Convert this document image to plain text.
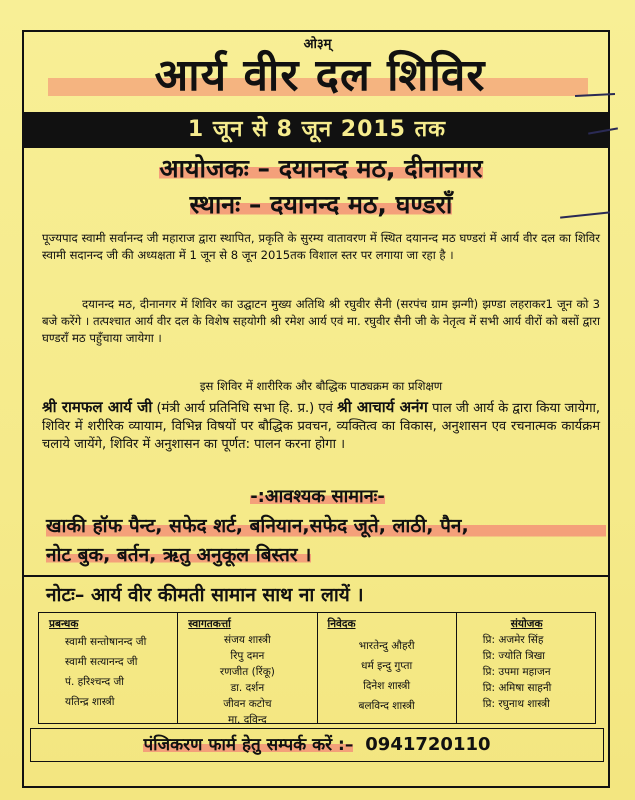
ओ३म्
आर्य वीर दल शिविर
1 जून से 8 जून 2015 तक
आयोजकः – दयानन्द मठ, दीनानगर
स्थानः – दयानन्द मठ, घण्डराँ
पूज्यपाद स्वामी सर्वानन्द जी महाराज द्वारा स्थापित, प्रकृति के सुरम्य वातावरण में स्थित दयानन्द मठ घण्डरां में आर्य वीर दल का शिविर स्वामी सदानन्द जी की अध्यक्षता में 1 जून से 8 जून 2015तक विशाल स्तर पर लगाया जा रहा है ।
दयानन्द मठ, दीनानगर में शिविर का उद्घाटन मुख्य अतिथि श्री रघुवीर सैनी (सरपंच ग्राम झन्गी) झण्डा लहराकर1 जून को 3 बजे करेंगे । तत्पश्चात आर्य वीर दल के विशेष सहयोगी श्री रमेश आर्य एवं मा. रघुवीर सैनी जी के नेतृत्व में सभी आर्य वीरों को बसों द्वारा घण्डराँ मठ पहुँचाया जायेगा ।
इस शिविर में शारीरिक और बौद्धिक पाठ्यक्रम का प्रशिक्षण
श्री रामफल आर्य जी (मंत्री आर्य प्रतिनिधि सभा हि. प्र.) एवं श्री आचार्य अनंग पाल जी आर्य के द्वारा किया जायेगा, शिविर में शरीरिक व्यायाम, विभिन्न विषयों पर बौद्धिक प्रवचन, व्यक्तित्व का विकास, अनुशासन एव रचनात्मक कार्यक्रम चलाये जायेंगे, शिविर में अनुशासन का पूर्णत: पालन करना होगा ।
-:आवश्यक सामानः-
खाकी हॉफ पैन्ट, सफेद शर्ट, बनियान,सफेद जूते, लाठी, पैन,
नोट बुक, बर्तन, ऋतु अनुकूल बिस्तर ।
नोटः– आर्य वीर कीमती सामान साथ ना लायें ।
प्रबन्धक
स्वामी सन्तोषानन्द जी
स्वामी सत्यानन्द जी
पं. हरिश्चन्द जी
यतिन्द्र शास्त्री
स्वागतकर्त्ता
संजय शास्त्री
रिपु दमन
रणजीत (रिंकू)
डा. दर्शन
जीवन कटोच
मा. दविन्द
निवेदक
भारतेन्दु औहरी
धर्म इन्दु गुप्ता
दिनेश शास्त्री
बलविन्द शास्त्री
संयोजक
प्रि: अजमेर सिंह
प्रि: ज्योति त्रिखा
प्रि: उपमा महाजन
प्रि: अमिषा साहनी
प्रि: रघुनाथ शास्त्री
पंजिकरण फार्म हेतु सम्पर्क करें :– 0941720110
